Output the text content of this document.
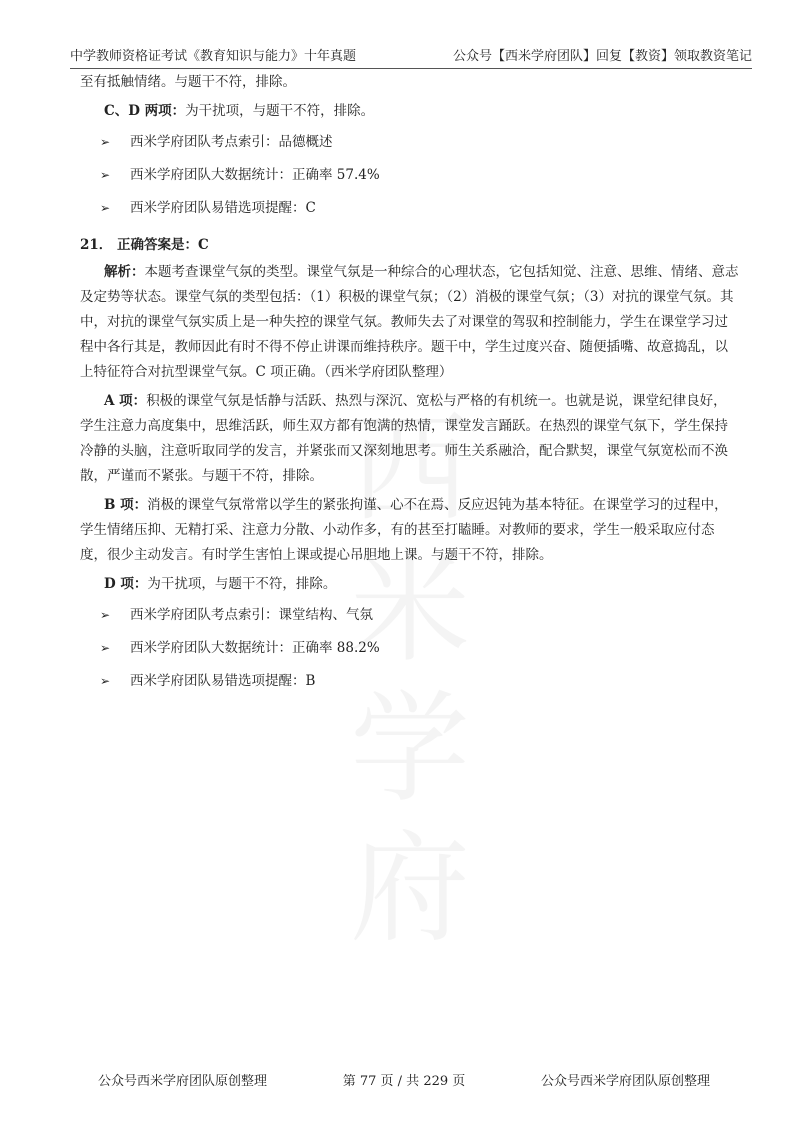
中学教师资格证考试《教育知识与能力》十年真题	公众号【西米学府团队】回复【教资】领取教资笔记

至有抵触情绪。与题干不符，排除。

C、D 两项：为干扰项，与题干不符，排除。

➢ 西米学府团队考点索引：品德概述
➢ 西米学府团队大数据统计：正确率 57.4%
➢ 西米学府团队易错选项提醒：C

21． 正确答案是：C

解析：本题考查课堂气氛的类型。课堂气氛是一种综合的心理状态，它包括知觉、注意、思维、情绪、意志及定势等状态。课堂气氛的类型包括：（1）积极的课堂气氛；（2）消极的课堂气氛；（3）对抗的课堂气氛。其中，对抗的课堂气氛实质上是一种失控的课堂气氛。教师失去了对课堂的驾驭和控制能力，学生在课堂学习过程中各行其是，教师因此有时不得不停止讲课而维持秩序。题干中，学生过度兴奋、随便插嘴、故意捣乱，以上特征符合对抗型课堂气氛。C 项正确。（西米学府团队整理）

A 项：积极的课堂气氛是恬静与活跃、热烈与深沉、宽松与严格的有机统一。也就是说，课堂纪律良好，学生注意力高度集中，思维活跃，师生双方都有饱满的热情，课堂发言踊跃。在热烈的课堂气氛下，学生保持冷静的头脑，注意听取同学的发言，并紧张而又深刻地思考。师生关系融洽，配合默契，课堂气氛宽松而不涣散，严谨而不紧张。与题干不符，排除。

B 项：消极的课堂气氛常常以学生的紧张拘谨、心不在焉、反应迟钝为基本特征。在课堂学习的过程中，学生情绪压抑、无精打采、注意力分散、小动作多，有的甚至打瞌睡。对教师的要求，学生一般采取应付态度，很少主动发言。有时学生害怕上课或提心吊胆地上课。与题干不符，排除。

D 项：为干扰项，与题干不符，排除。

➢ 西米学府团队考点索引：课堂结构、气氛
➢ 西米学府团队大数据统计：正确率 88.2%
➢ 西米学府团队易错选项提醒：B
公众号西米学府团队原创整理	第 77 页 / 共 229 页	公众号西米学府团队原创整理
